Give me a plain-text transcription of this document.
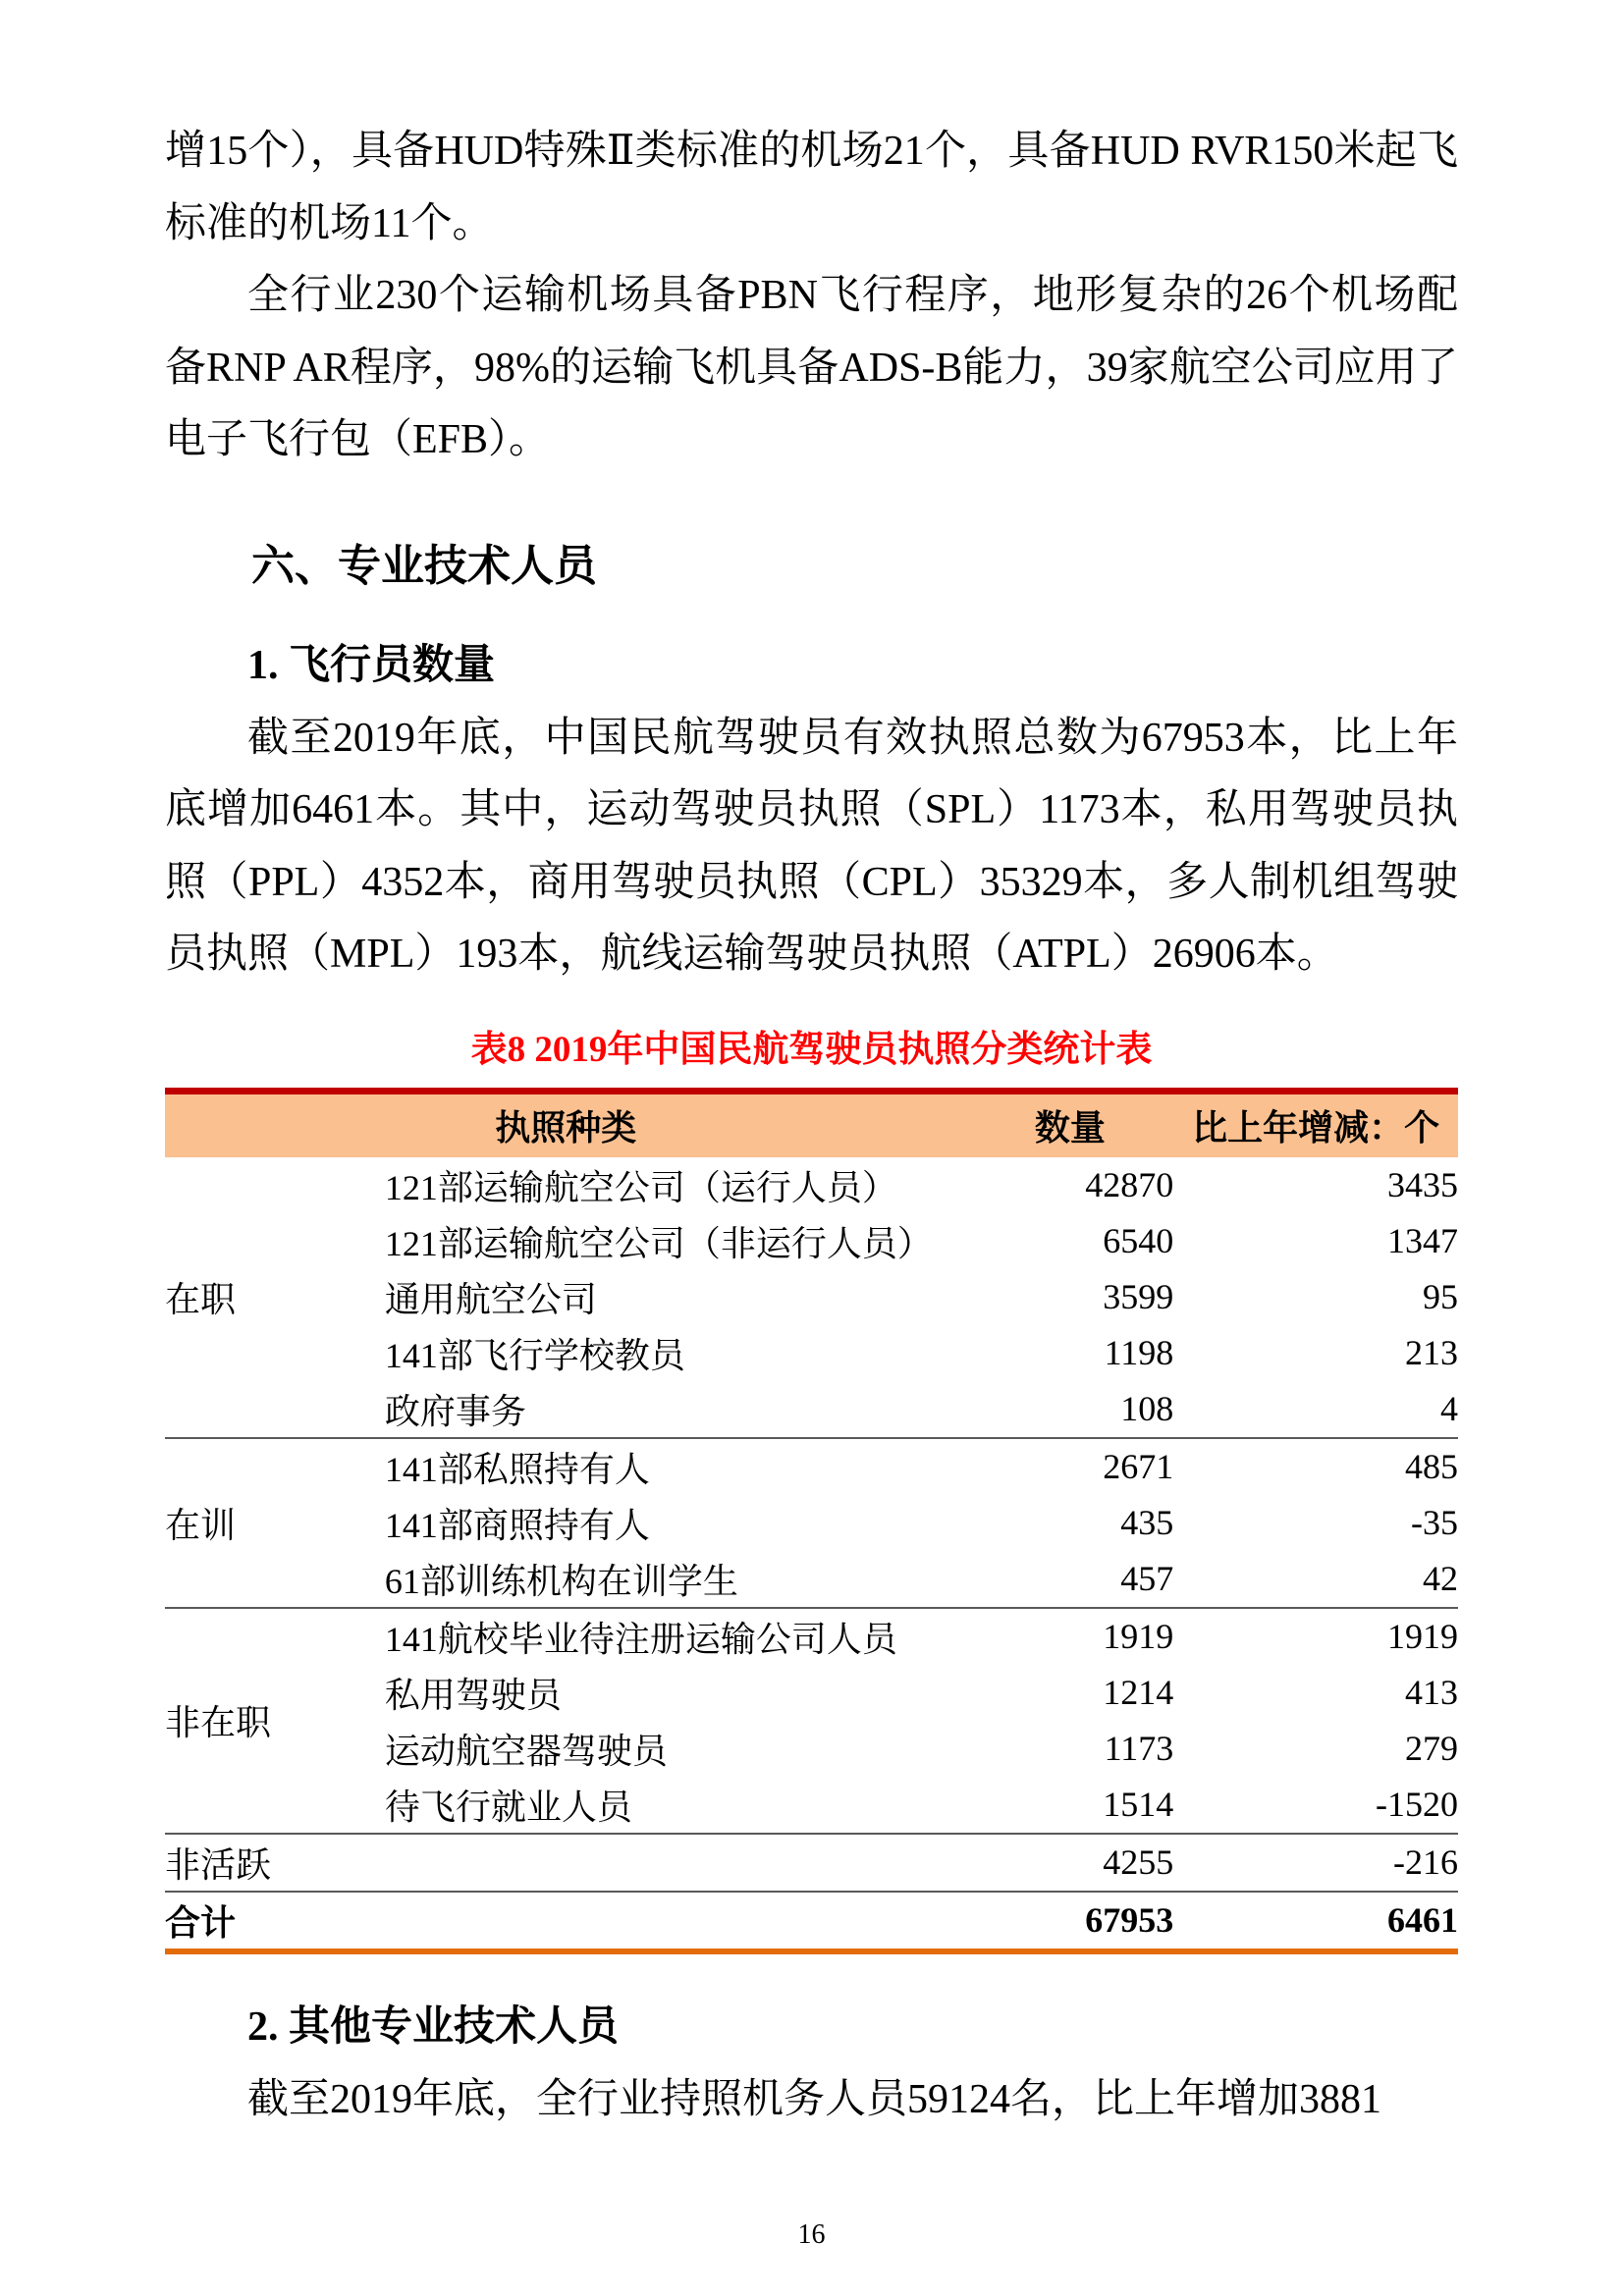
增15个），具备HUD特殊Ⅱ类标准的机场21个，具备HUD RVR150米起飞标准的机场11个。

全行业230个运输机场具备PBN飞行程序，地形复杂的26个机场配备RNP AR程序，98%的运输飞机具备ADS-B能力，39家航空公司应用了电子飞行包（EFB）。

六、专业技术人员
1. 飞行员数量

截至2019年底，中国民航驾驶员有效执照总数为67953本，比上年底增加6461本。其中，运动驾驶员执照（SPL）1173本，私用驾驶员执照（PPL）4352本，商用驾驶员执照（CPL）35329本，多人制机组驾驶员执照（MPL）193本，航线运输驾驶员执照（ATPL）26906本。

表8 2019年中国民航驾驶员执照分类统计表
执照种类		数量	比上年增减：个
在职	121部运输航空公司（运行人员）	42870	3435
	121部运输航空公司（非运行人员）	6540	1347
	通用航空公司	3599	95
	141部飞行学校教员	1198	213
	政府事务	108	4
在训	141部私照持有人	2671	485
	141部商照持有人	435	-35
	61部训练机构在训学生	457	42
非在职	141航校毕业待注册运输公司人员	1919	1919
	私用驾驶员	1214	413
	运动航空器驾驶员	1173	279
	待飞行就业人员	1514	-1520
非活跃		4255	-216
合计		67953	6461
2. 其他专业技术人员

截至2019年底，全行业持照机务人员59124名，比上年增加3881

16
